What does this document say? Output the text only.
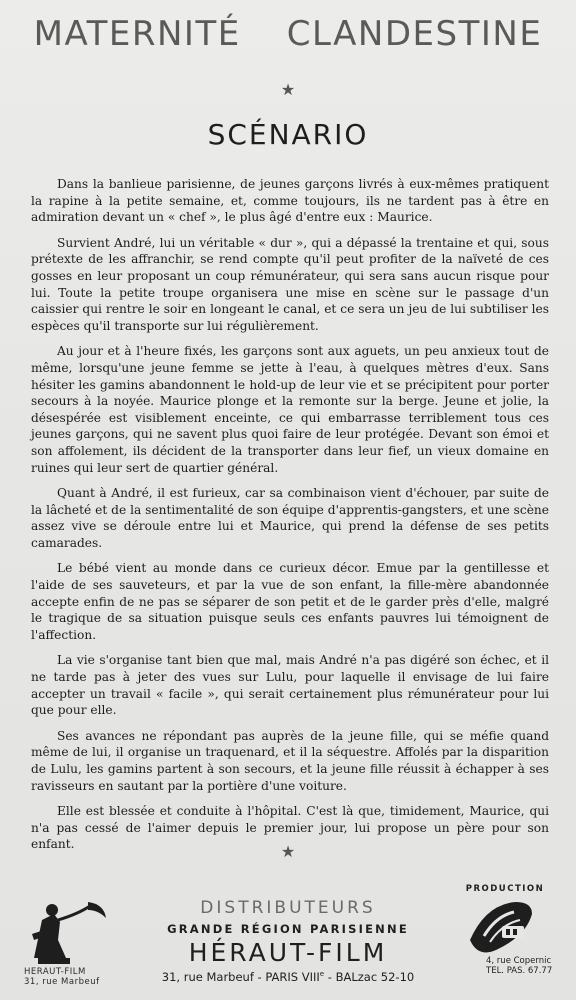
MATERNITÉ CLANDESTINE
★
SCÉNARIO

Dans la banlieue parisienne, de jeunes garçons livrés à eux-mêmes pratiquent la rapine à la petite semaine, et, comme toujours, ils ne tardent pas à être en admiration devant un « chef », le plus âgé d'entre eux : Maurice.

Survient André, lui un véritable « dur », qui a dépassé la trentaine et qui, sous prétexte de les affranchir, se rend compte qu'il peut profiter de la naïveté de ces gosses en leur proposant un coup rémunérateur, qui sera sans aucun risque pour lui. Toute la petite troupe organisera une mise en scène sur le passage d'un caissier qui rentre le soir en longeant le canal, et ce sera un jeu de lui subtiliser les espèces qu'il transporte sur lui régulièrement.

Au jour et à l'heure fixés, les garçons sont aux aguets, un peu anxieux tout de même, lorsqu'une jeune femme se jette à l'eau, à quelques mètres d'eux. Sans hésiter les gamins abandonnent le hold-up de leur vie et se précipitent pour porter secours à la noyée. Maurice plonge et la remonte sur la berge. Jeune et jolie, la désespérée est visiblement enceinte, ce qui embarrasse terriblement tous ces jeunes garçons, qui ne savent plus quoi faire de leur protégée. Devant son émoi et son affolement, ils décident de la transporter dans leur fief, un vieux domaine en ruines qui leur sert de quartier général.

Quant à André, il est furieux, car sa combinaison vient d'échouer, par suite de la lâcheté et de la sentimentalité de son équipe d'apprentis-gangsters, et une scène assez vive se déroule entre lui et Maurice, qui prend la défense de ses petits camarades.

Le bébé vient au monde dans ce curieux décor. Emue par la gentillesse et l'aide de ses sauveteurs, et par la vue de son enfant, la fille-mère abandonnée accepte enfin de ne pas se séparer de son petit et de le garder près d'elle, malgré le tragique de sa situation puisque seuls ces enfants pauvres lui témoignent de l'affection.

La vie s'organise tant bien que mal, mais André n'a pas digéré son échec, et il ne tarde pas à jeter des vues sur Lulu, pour laquelle il envisage de lui faire accepter un travail « facile », qui serait certainement plus rémunérateur pour lui que pour elle.

Ses avances ne répondant pas auprès de la jeune fille, qui se méfie quand même de lui, il organise un traquenard, et il la séquestre. Affolés par la disparition de Lulu, les gamins partent à son secours, et la jeune fille réussit à échapper à ses ravisseurs en sautant par la portière d'une voiture.

Elle est blessée et conduite à l'hôpital. C'est là que, timidement, Maurice, qui n'a pas cessé de l'aimer depuis le premier jour, lui propose un père pour son enfant.	★
HERAUT-FILM
31, rue Marbeuf
DISTRIBUTEURS
GRANDE RÉGION PARISIENNE
HÉRAUT-FILM
31, rue Marbeuf - PARIS VIIIe - BALzac 52-10
PRODUCTION
4, rue Copernic
TEL. PAS. 67.77
